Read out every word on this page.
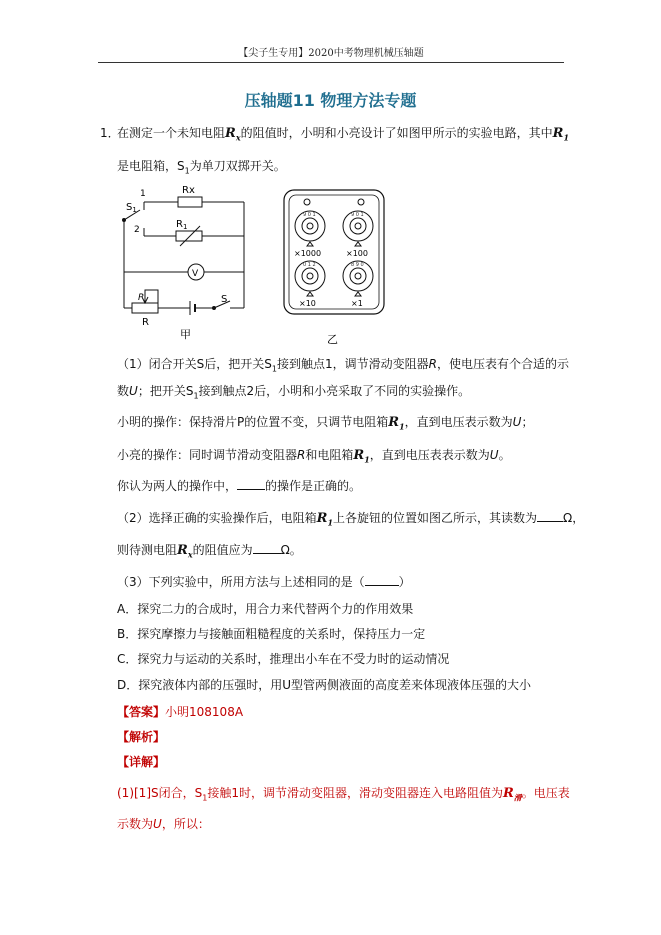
【尖子生专用】2020中考物理机械压轴题
压轴题11 物理方法专题
1．
在测定一个未知电阻$R_x$的阻值时，小明和小亮设计了如图甲所示的实验电路，其中$R_1$
是电阻箱，$S_1$为单刀双掷开关。
1
$S_1$
2
Rx
$R_1$
V
P
R
S
甲
9 0 1	9 0 1
0 1 2	8 9 0
×1000	×100
×10	×1
乙
（1）闭合开关S后，把开关$S_1$接到触点1，调节滑动变阻器R，使电压表有个合适的示
数U；把开关$S_1$接到触点2后，小明和小亮采取了不同的实验操作。
小明的操作：保持滑片P的位置不变，只调节电阻箱$R_1$，直到电压表示数为U；
小亮的操作：同时调节滑动变阻器R和电阻箱$R_1$，直到电压表表示数为U。
你认为两人的操作中， 的操作是正确的。
（2）选择正确的实验操作后，电阻箱$R_1$上各旋钮的位置如图乙所示，其读数为 Ω，
则待测电阻$R_x$的阻值应为 Ω。
（3）下列实验中，所用方法与上述相同的是（	）
A．探究二力的合成时，用合力来代替两个力的作用效果
B．探究摩擦力与接触面粗糙程度的关系时，保持压力一定
C．探究力与运动的关系时，推理出小车在不受力时的运动情况
D．探究液体内部的压强时，用U型管两侧液面的高度差来体现液体压强的大小
【答案】小明108108A
【解析】
【详解】
(1)[1]S闭合，$S_1$接触1时，调节滑动变阻器，滑动变阻器连入电路阻值为$R_滑$。电压表
示数为U，所以：
